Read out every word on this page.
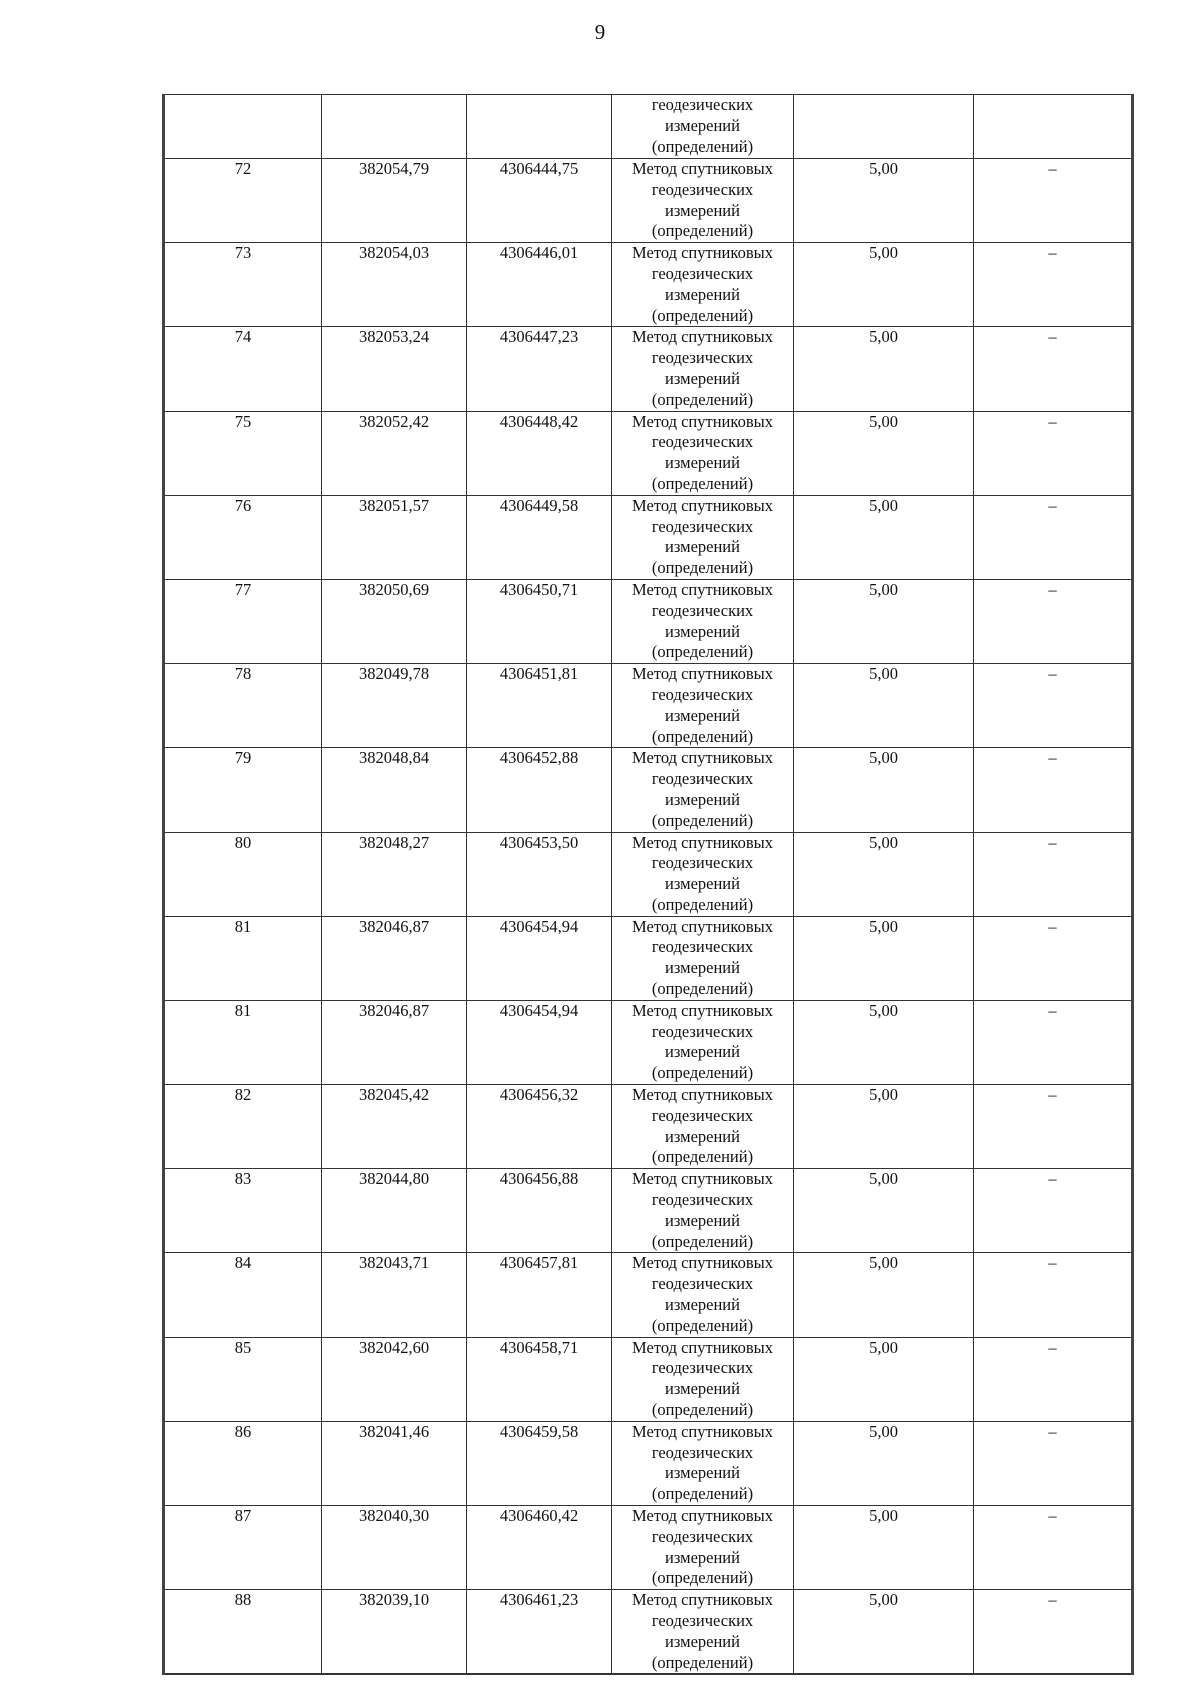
9

			геодезических
измерений
(определений)		

72	382054,79	4306444,75	Метод спутниковых
геодезических
измерений
(определений)	5,00	–
73	382054,03	4306446,01	Метод спутниковых
геодезических
измерений
(определений)	5,00	–
74	382053,24	4306447,23	Метод спутниковых
геодезических
измерений
(определений)	5,00	–
75	382052,42	4306448,42	Метод спутниковых
геодезических
измерений
(определений)	5,00	–
76	382051,57	4306449,58	Метод спутниковых
геодезических
измерений
(определений)	5,00	–
77	382050,69	4306450,71	Метод спутниковых
геодезических
измерений
(определений)	5,00	–
78	382049,78	4306451,81	Метод спутниковых
геодезических
измерений
(определений)	5,00	–
79	382048,84	4306452,88	Метод спутниковых
геодезических
измерений
(определений)	5,00	–
80	382048,27	4306453,50	Метод спутниковых
геодезических
измерений
(определений)	5,00	–
81	382046,87	4306454,94	Метод спутниковых
геодезических
измерений
(определений)	5,00	–
81	382046,87	4306454,94	Метод спутниковых
геодезических
измерений
(определений)	5,00	–
82	382045,42	4306456,32	Метод спутниковых
геодезических
измерений
(определений)	5,00	–
83	382044,80	4306456,88	Метод спутниковых
геодезических
измерений
(определений)	5,00	–
84	382043,71	4306457,81	Метод спутниковых
геодезических
измерений
(определений)	5,00	–
85	382042,60	4306458,71	Метод спутниковых
геодезических
измерений
(определений)	5,00	–
86	382041,46	4306459,58	Метод спутниковых
геодезических
измерений
(определений)	5,00	–
87	382040,30	4306460,42	Метод спутниковых
геодезических
измерений
(определений)	5,00	–
88	382039,10	4306461,23	Метод спутниковых
геодезических
измерений
(определений)	5,00	–
